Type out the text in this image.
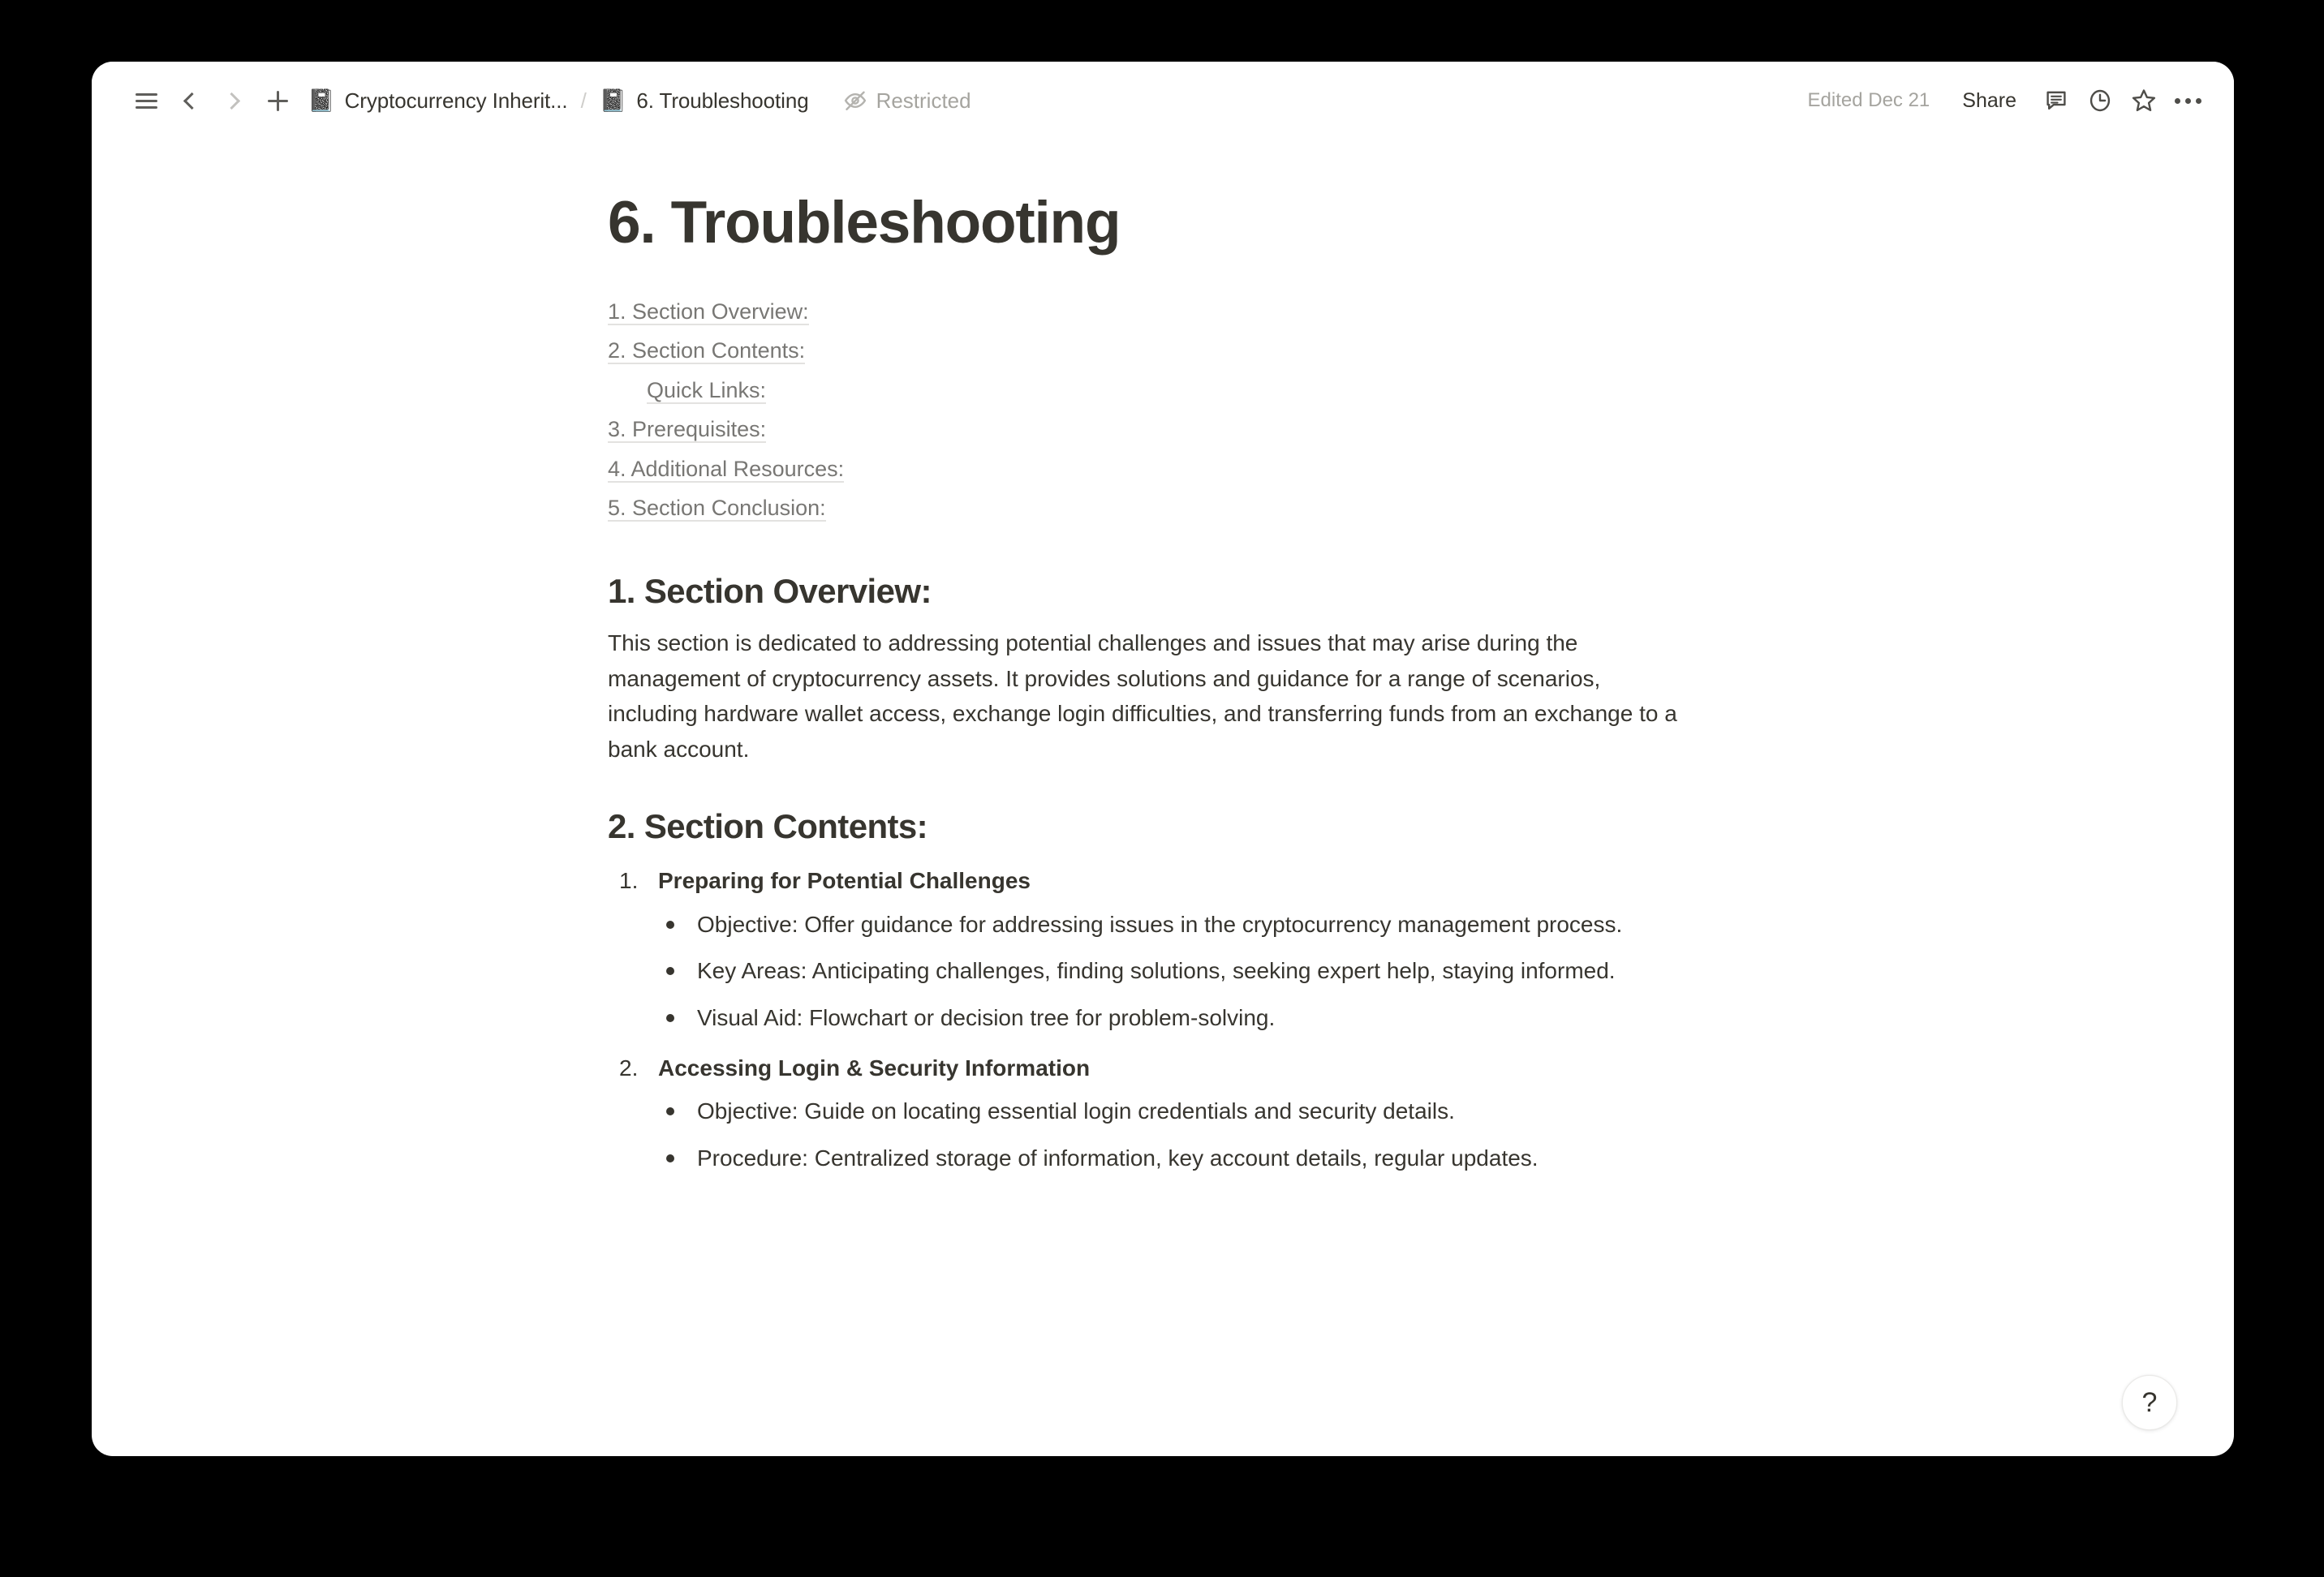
📓 Cryptocurrency Inherit... / 📓 6. Troubleshooting	Restricted	Edited Dec 21	Share
6. Troubleshooting
1. Section Overview:
2. Section Contents:
Quick Links:
3. Prerequisites:
4. Additional Resources:
5. Section Conclusion:
1. Section Overview:

This section is dedicated to addressing potential challenges and issues that may arise during the management of cryptocurrency assets. It provides solutions and guidance for a range of scenarios, including hardware wallet access, exchange login difficulties, and transferring funds from an exchange to a bank account.

2. Section Contents:
1. Preparing for Potential Challenges
Objective: Offer guidance for addressing issues in the cryptocurrency management process.
Key Areas: Anticipating challenges, finding solutions, seeking expert help, staying informed.
Visual Aid: Flowchart or decision tree for problem-solving.
2. Accessing Login & Security Information
Objective: Guide on locating essential login credentials and security details.
Procedure: Centralized storage of information, key account details, regular updates.
?
